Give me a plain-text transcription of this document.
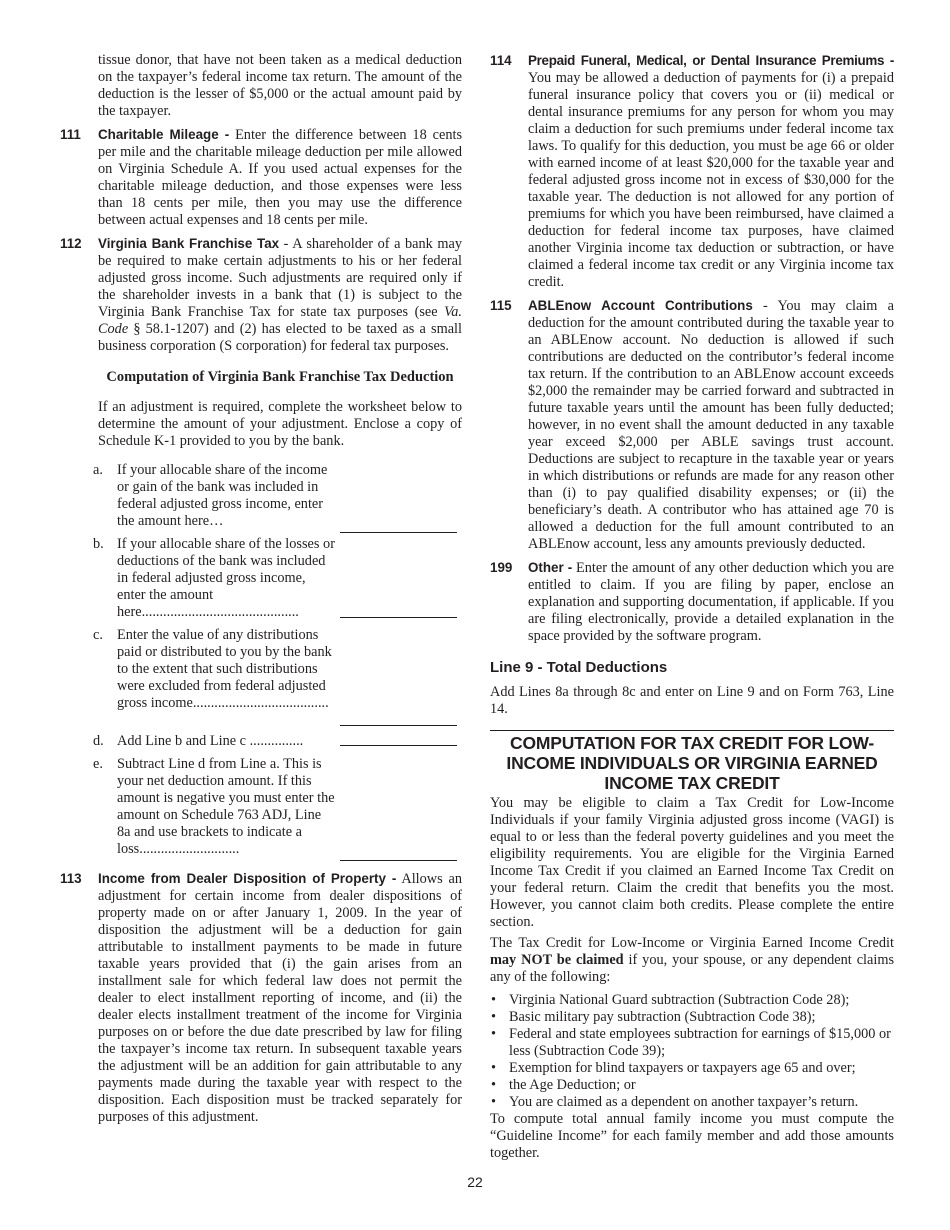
tissue donor, that have not been taken as a medical deduction on the taxpayer’s federal income tax return. The amount of the deduction is the lesser of $5,000 or the actual amount paid by the taxpayer.

111 Charitable Mileage - Enter the difference between 18 cents per mile and the charitable mileage deduction per mile allowed on Virginia Schedule A. If you used actual expenses for the charitable mileage deduction, and those expenses were less than 18 cents per mile, then you may use the difference between actual expenses and 18 cents per mile.

112 Virginia Bank Franchise Tax - A shareholder of a bank may be required to make certain adjustments to his or her federal adjusted gross income. Such adjustments are required only if the shareholder invests in a bank that (1) is subject to the Virginia Bank Franchise Tax for state tax purposes (see Va. Code § 58.1-1207) and (2) has elected to be taxed as a small business corporation (S corporation) for federal tax purposes.

Computation of Virginia Bank Franchise Tax Deduction

If an adjustment is required, complete the worksheet below to determine the amount of your adjustment. Enclose a copy of Schedule K-1 provided to you by the bank.

a. If your allocable share of the income or gain of the bank was included in federal adjusted gross income, enter the amount here…
b. If your allocable share of the losses or deductions of the bank was included in federal adjusted gross income, enter the amount here............................................
c. Enter the value of any distributions paid or distributed to you by the bank to the extent that such distributions were excluded from federal adjusted gross income......................................
d. Add Line b and Line c ...............
e. Subtract Line d from Line a. This is your net deduction amount. If this amount is negative you must enter the amount on Schedule 763 ADJ, Line 8a and use brackets to indicate a loss............................
113 Income from Dealer Disposition of Property - Allows an adjustment for certain income from dealer dispositions of property made on or after January 1, 2009. In the year of disposition the adjustment will be a deduction for gain attributable to installment payments to be made in future taxable years provided that (i) the gain arises from an installment sale for which federal law does not permit the dealer to elect installment reporting of income, and (ii) the dealer elects installment treatment of the income for Virginia purposes on or before the due date prescribed by law for filing the taxpayer’s income tax return. In subsequent taxable years the adjustment will be an addition for gain attributable to any payments made during the taxable year with respect to the disposition. Each disposition must be tracked separately for purposes of this adjustment.

114 Prepaid Funeral, Medical, or Dental Insurance Premiums - You may be allowed a deduction of payments for (i) a prepaid funeral insurance policy that covers you or (ii) medical or dental insurance premiums for any person for whom you may claim a deduction for such premiums under federal income tax laws. To qualify for this deduction, you must be age 66 or older with earned income of at least $20,000 for the taxable year and federal adjusted gross income not in excess of $30,000 for the taxable year. The deduction is not allowed for any portion of premiums for which you have been reimbursed, have claimed a deduction for federal income tax purposes, have claimed another Virginia income tax deduction or subtraction, or have claimed a federal income tax credit or any Virginia income tax credit.

115 ABLEnow Account Contributions - You may claim a deduction for the amount contributed during the taxable year to an ABLEnow account. No deduction is allowed if such contributions are deducted on the contributor’s federal income tax return. If the contribution to an ABLEnow account exceeds $2,000 the remainder may be carried forward and subtracted in future taxable years until the amount has been fully deducted; however, in no event shall the amount deducted in any taxable year exceed $2,000 per ABLE savings trust account. Deductions are subject to recapture in the taxable year or years in which distributions or refunds are made for any reason other than (i) to pay qualified disability expenses; or (ii) the beneficiary’s death. A contributor who has attained age 70 is allowed a deduction for the full amount contributed to an ABLEnow account, less any amounts previously deducted.

199 Other - Enter the amount of any other deduction which you are entitled to claim. If you are filing by paper, enclose an explanation and supporting documentation, if applicable. If you are filing electronically, provide a detailed explanation in the space provided by the software program.

Line 9 - Total Deductions

Add Lines 8a through 8c and enter on Line 9 and on Form 763, Line 14.

COMPUTATION FOR TAX CREDIT FOR LOW-INCOME INDIVIDUALS OR VIRGINIA EARNED INCOME TAX CREDIT

You may be eligible to claim a Tax Credit for Low-Income Individuals if your family Virginia adjusted gross income (VAGI) is equal to or less than the federal poverty guidelines and you meet the eligibility requirements. You are eligible for the Virginia Earned Income Tax Credit if you claimed an Earned Income Tax Credit on your federal return. Claim the credit that benefits you the most. However, you cannot claim both credits. Please complete the entire section.

The Tax Credit for Low-Income or Virginia Earned Income Credit may NOT be claimed if you, your spouse, or any dependent claims any of the following:

• Virginia National Guard subtraction (Subtraction Code 28);
• Basic military pay subtraction (Subtraction Code 38);
• Federal and state employees subtraction for earnings of $15,000 or less (Subtraction Code 39);
• Exemption for blind taxpayers or taxpayers age 65 and over;
• the Age Deduction; or
• You are claimed as a dependent on another taxpayer’s return.

To compute total annual family income you must compute the “Guideline Income” for each family member and add those amounts together.

22
